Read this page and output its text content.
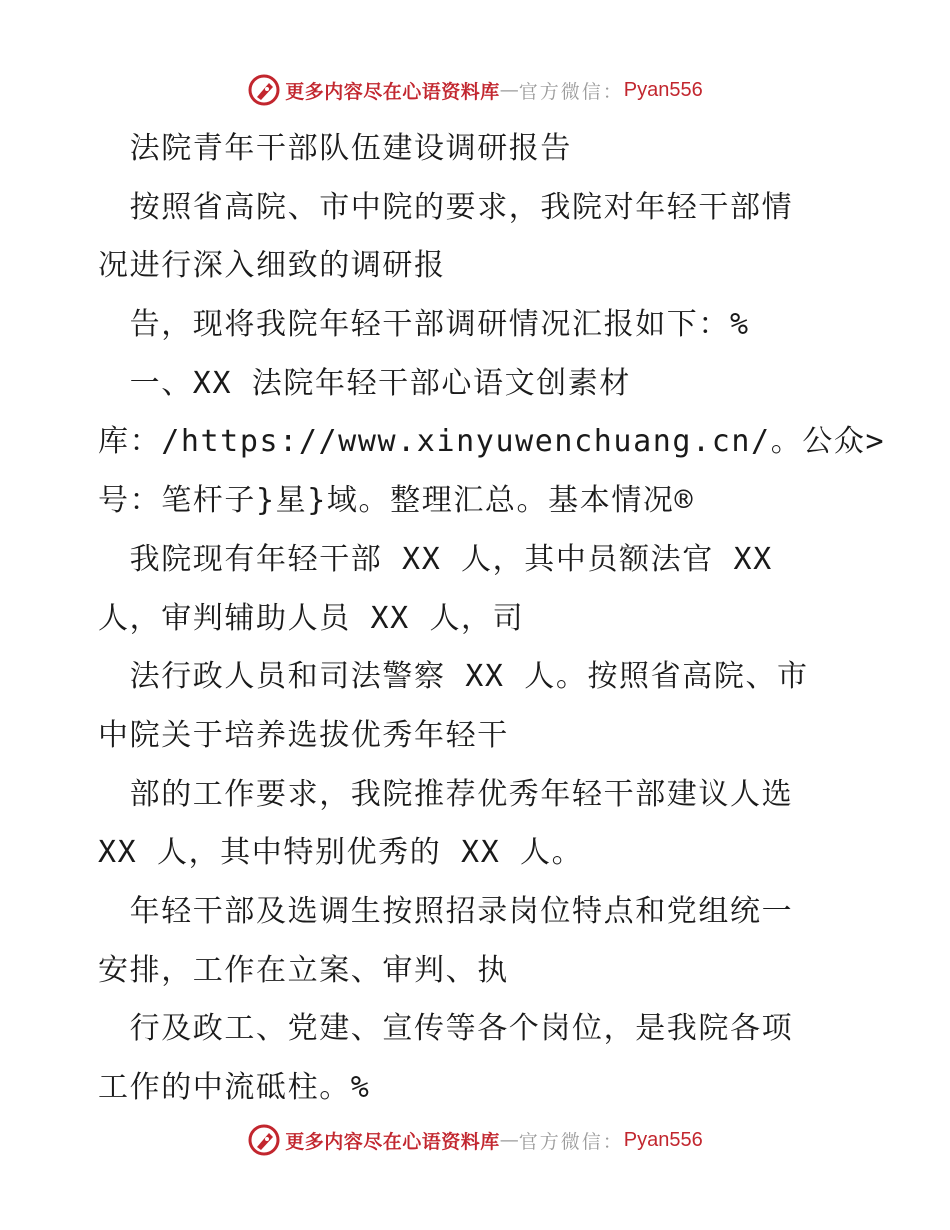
更多内容尽在心语资料库 — 官方微信： Pyan556
　法院青年干部队伍建设调研报告
　按照省高院、市中院的要求，我院对年轻干部情
况进行深入细致的调研报
　告，现将我院年轻干部调研情况汇报如下：%
　一、XX 法院年轻干部心语文创素材
库：/https://www.xinyuwenchuang.cn/。公众>
号：笔杆子}星}域。整理汇总。基本情况®
　我院现有年轻干部 XX 人，其中员额法官 XX
人，审判辅助人员 XX 人，司
　法行政人员和司法警察 XX 人。按照省高院、市
中院关于培养选拔优秀年轻干
　部的工作要求，我院推荐优秀年轻干部建议人选
XX 人，其中特别优秀的 XX 人。
　年轻干部及选调生按照招录岗位特点和党组统一
安排，工作在立案、审判、执
　行及政工、党建、宣传等各个岗位，是我院各项
工作的中流砥柱。%
更多内容尽在心语资料库 — 官方微信： Pyan556
